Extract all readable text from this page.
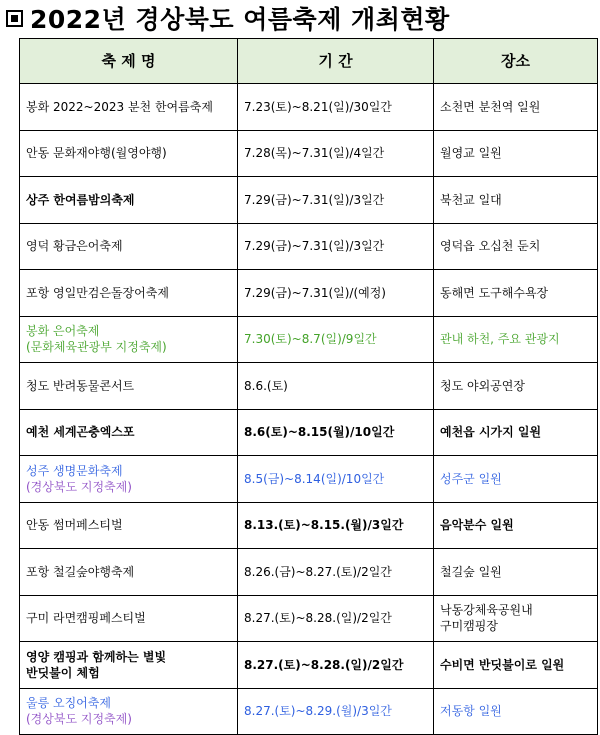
2022년 경상북도 여름축제 개최현황
축 제 명	기 간	장소
봉화 2022~2023 분천 한여름축제	7.23(토)~8.21(일)/30일간	소천면 분천역 일원
안동 문화재야행(월영야행)	7.28(목)~7.31(일)/4일간	월영교 일원
상주 한여름밤의축제	7.29(금)~7.31(일)/3일간	북천교 일대
영덕 황금은어축제	7.29(금)~7.31(일)/3일간	영덕읍 오십천 둔치
포항 영일만검은돌장어축제	7.29(금)~7.31(일)/(예정)	동해면 도구해수욕장

봉화 은어축제
(문화체육관광부 지정축제)	7.30(토)~8.7(일)/9일간	관내 하천, 주요 관광지
청도 반려동물콘서트	8.6.(토)	청도 야외공연장
예천 세계곤충엑스포	8.6(토)~8.15(월)/10일간	예천읍 시가지 일원

성주 생명문화축제
(경상북도 지정축제)	8.5(금)~8.14(일)/10일간	성주군 일원
안동 썸머페스티벌	8.13.(토)~8.15.(월)/3일간	음악분수 일원
포항 철길숲야행축제	8.26.(금)~8.27.(토)/2일간	철길숲 일원
구미 라면캠핑페스티벌	8.27.(토)~8.28.(일)/2일간	낙동강체육공원내
구미캠핑장

영양 캠핑과 함께하는 별빛
반딧불이 체험	8.27.(토)~8.28.(일)/2일간	수비면 반딧불이로 일원

울릉 오징어축제
(경상북도 지정축제)	8.27.(토)~8.29.(월)/3일간	저동항 일원
